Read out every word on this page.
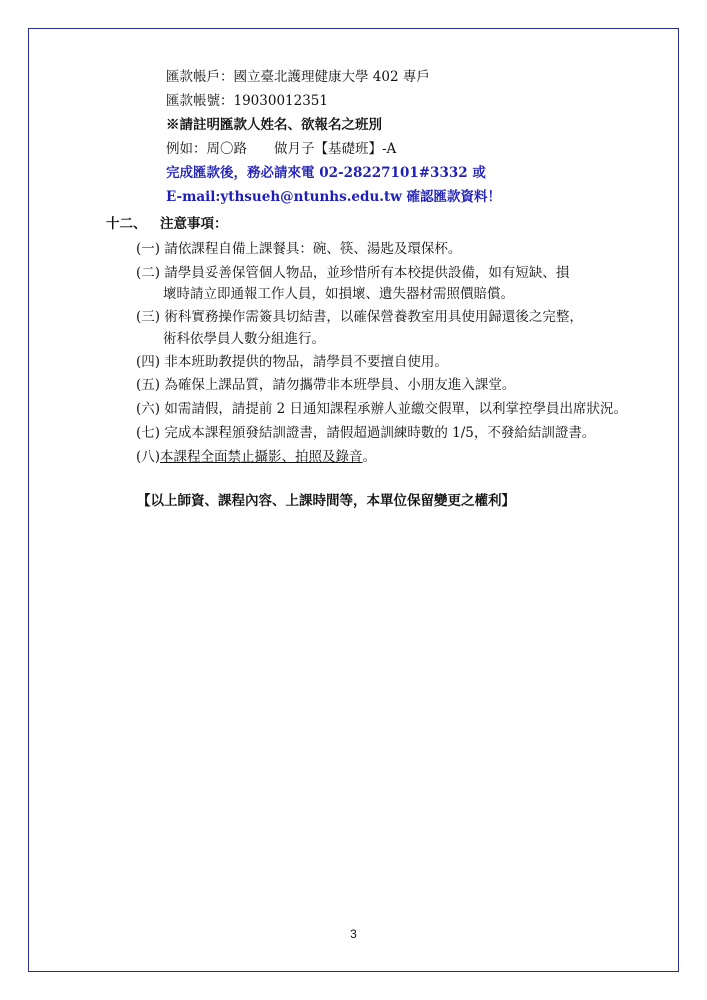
匯款帳戶：國立臺北護理健康大學 402 專戶
匯款帳號：19030012351
※請註明匯款人姓名、欲報名之班別
例如：周〇路　　做月子【基礎班】-A
完成匯款後，務必請來電 02-28227101#3332 或
E-mail:ythsueh@ntunhs.edu.tw 確認匯款資料！
十二、 注意事項：
(一) 請依課程自備上課餐具：碗、筷、湯匙及環保杯。
(二) 請學員妥善保管個人物品，並珍惜所有本校提供設備，如有短缺、損
壞時請立即通報工作人員，如損壞、遺失器材需照價賠償。
(三) 術科實務操作需簽具切結書，以確保營養教室用具使用歸還後之完整，
術科依學員人數分組進行。
(四) 非本班助教提供的物品，請學員不要擅自使用。
(五) 為確保上課品質，請勿攜帶非本班學員、小朋友進入課堂。
(六) 如需請假，請提前 2 日通知課程承辦人並繳交假單，以利掌控學員出席狀況。
(七) 完成本課程頒發結訓證書，請假超過訓練時數的 1/5，不發給結訓證書。
(八)本課程全面禁止攝影、拍照及錄音。
【以上師資、課程內容、上課時間等，本單位保留變更之權利】
3
